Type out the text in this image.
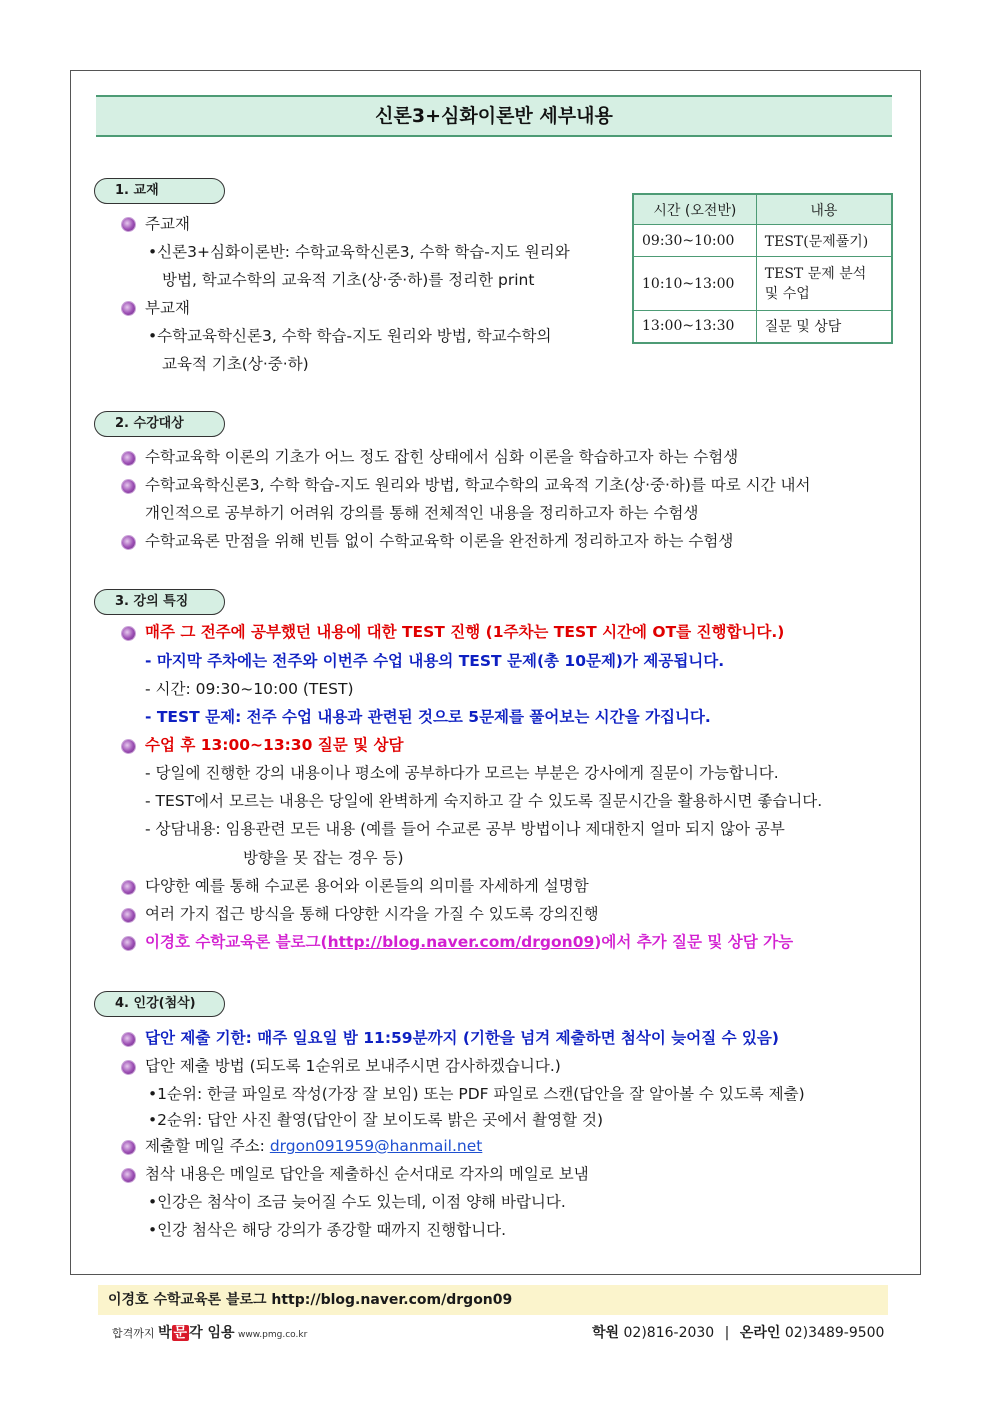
신론3+심화이론반 세부내용
1. 교재
주교재
•신론3+심화이론반: 수학교육학신론3, 수학 학습-지도 원리와
방법, 학교수학의 교육적 기초(상·중·하)를 정리한 print
부교재
•수학교육학신론3, 수학 학습-지도 원리와 방법, 학교수학의
교육적 기초(상·중·하)
시간 (오전반)	내용
09:30~10:00	TEST(문제풀기)
10:10~13:00	TEST 문제 분석
및 수업
13:00~13:30	질문 및 상담
2. 수강대상
수학교육학 이론의 기초가 어느 정도 잡힌 상태에서 심화 이론을 학습하고자 하는 수험생
수학교육학신론3, 수학 학습-지도 원리와 방법, 학교수학의 교육적 기초(상·중·하)를 따로 시간 내서
개인적으로 공부하기 어려워 강의를 통해 전체적인 내용을 정리하고자 하는 수험생
수학교육론 만점을 위해 빈틈 없이 수학교육학 이론을 완전하게 정리하고자 하는 수험생
3. 강의 특징
매주 그 전주에 공부했던 내용에 대한 TEST 진행 (1주차는 TEST 시간에 OT를 진행합니다.)
- 마지막 주차에는 전주와 이번주 수업 내용의 TEST 문제(총 10문제)가 제공됩니다.
- 시간: 09:30~10:00 (TEST)
- TEST 문제: 전주 수업 내용과 관련된 것으로 5문제를 풀어보는 시간을 가집니다.
수업 후 13:00~13:30 질문 및 상담
- 당일에 진행한 강의 내용이나 평소에 공부하다가 모르는 부분은 강사에게 질문이 가능합니다.
- TEST에서 모르는 내용은 당일에 완벽하게 숙지하고 갈 수 있도록 질문시간을 활용하시면 좋습니다.
- 상담내용: 임용관련 모든 내용 (예를 들어 수교론 공부 방법이나 제대한지 얼마 되지 않아 공부
방향을 못 잡는 경우 등)
다양한 예를 통해 수교론 용어와 이론들의 의미를 자세하게 설명함
여러 가지 접근 방식을 통해 다양한 시각을 가질 수 있도록 강의진행
이경호 수학교육론 블로그(http://blog.naver.com/drgon09)에서 추가 질문 및 상담 가능
4. 인강(첨삭)
답안 제출 기한: 매주 일요일 밤 11:59분까지 (기한을 넘겨 제출하면 첨삭이 늦어질 수 있음)
답안 제출 방법 (되도록 1순위로 보내주시면 감사하겠습니다.)
•1순위: 한글 파일로 작성(가장 잘 보임) 또는 PDF 파일로 스캔(답안을 잘 알아볼 수 있도록 제출)
•2순위: 답안 사진 촬영(답안이 잘 보이도록 밝은 곳에서 촬영할 것)
제출할 메일 주소: drgon091959@hanmail.net
첨삭 내용은 메일로 답안을 제출하신 순서대로 각자의 메일로 보냄
•인강은 첨삭이 조금 늦어질 수도 있는데, 이점 양해 바랍니다.
•인강 첨삭은 해당 강의가 종강할 때까지 진행합니다.
이경호 수학교육론 블로그 http://blog.naver.com/drgon09
합격까지 박 문 각 임용 www.pmg.co.kr	학원 02)816-2030 | 온라인 02)3489-9500
